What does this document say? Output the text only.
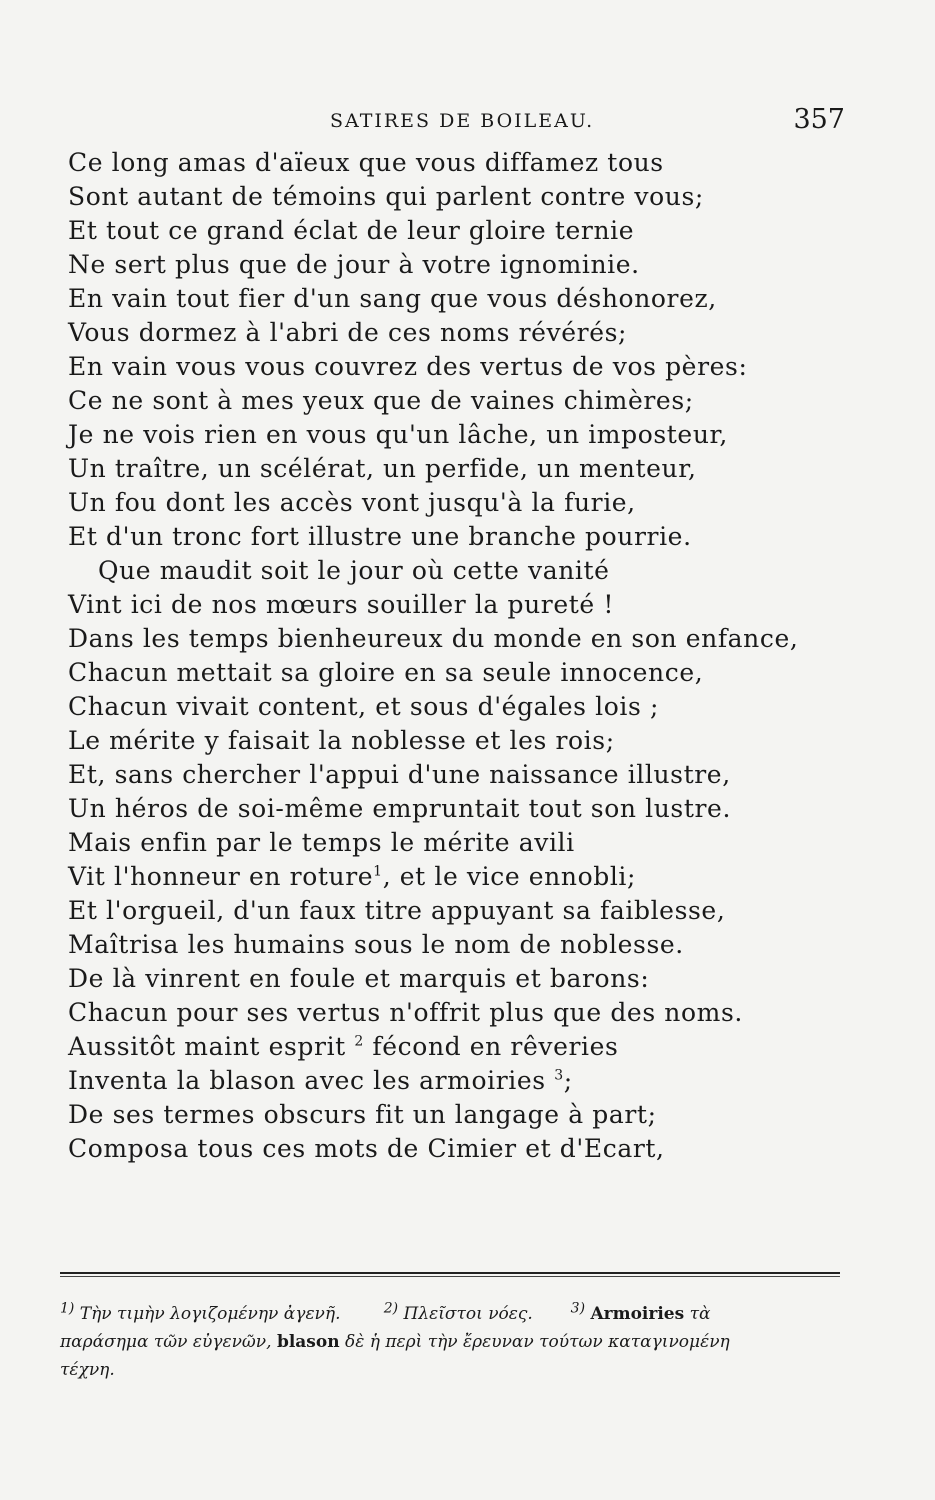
SATIRES DE BOILEAU.	357
Ce long amas d'aïeux que vous diffamez tous
Sont autant de témoins qui parlent contre vous;
Et tout ce grand éclat de leur gloire ternie
Ne sert plus que de jour à votre ignominie.
En vain tout fier d'un sang que vous déshonorez,
Vous dormez à l'abri de ces noms révérés;
En vain vous vous couvrez des vertus de vos pères:
Ce ne sont à mes yeux que de vaines chimères;
Je ne vois rien en vous qu'un lâche, un imposteur,
Un traître, un scélérat, un perfide, un menteur,
Un fou dont les accès vont jusqu'à la furie,
Et d'un tronc fort illustre une branche pourrie.
Que maudit soit le jour où cette vanité
Vint ici de nos mœurs souiller la pureté !
Dans les temps bienheureux du monde en son enfance,
Chacun mettait sa gloire en sa seule innocence,
Chacun vivait content, et sous d'égales lois ;
Le mérite y faisait la noblesse et les rois;
Et, sans chercher l'appui d'une naissance illustre,
Un héros de soi-même empruntait tout son lustre.
Mais enfin par le temps le mérite avili
Vit l'honneur en roture$^1$, et le vice ennobli;
Et l'orgueil, d'un faux titre appuyant sa faiblesse,
Maîtrisa les humains sous le nom de noblesse.
De là vinrent en foule et marquis et barons:
Chacun pour ses vertus n'offrit plus que des noms.
Aussitôt maint esprit $^2$ fécond en rêveries
Inventa la blason avec les armoiries $^3$;
De ses termes obscurs fit un langage à part;
Composa tous ces mots de Cimier et d'Ecart,
$^{1)}$ Τὴν τιμὴν λογιζομένην ἀγενῆ.	$^{2)}$ Πλεῖστοι νόες.	$^{3)}$ Armoiries τὰ
παράσημα τῶν εὐγενῶν, blason δὲ ἡ περὶ τὴν ἔρευναν τούτων καταγινομένη
τέχνη.
